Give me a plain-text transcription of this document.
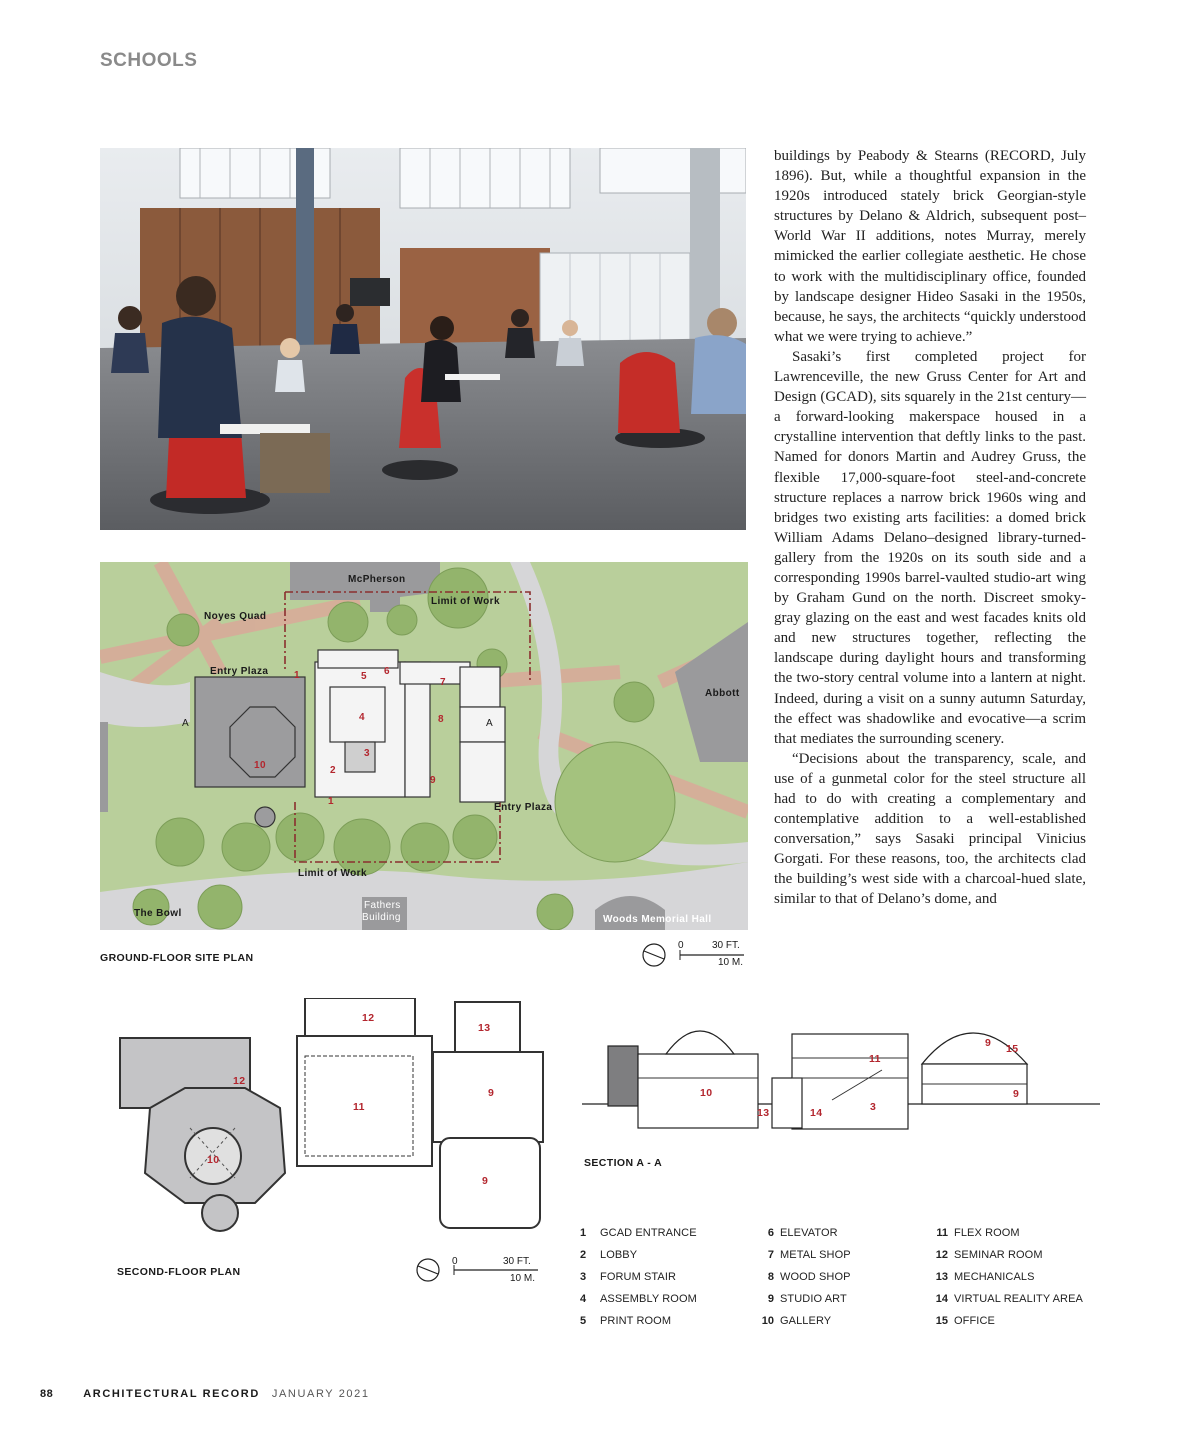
SCHOOLS

buildings by Peabody & Stearns (RECORD, July 1896). But, while a thoughtful expansion in the 1920s introduced stately brick Georgian-style structures by Delano & Aldrich, subsequent post–World War II additions, notes Murray, merely mimicked the earlier collegiate aesthetic. He chose to work with the multidisciplinary office, founded by landscape designer Hideo Sasaki in the 1950s, because, he says, the architects “quickly understood what we were trying to achieve.”

Sasaki’s first completed project for Lawrenceville, the new Gruss Center for Art and Design (GCAD), sits squarely in the 21st century—a forward-looking makerspace housed in a crystalline intervention that deftly links to the past. Named for donors Martin and Audrey Gruss, the flexible 17,000-square-foot steel-and-concrete structure replaces a narrow brick 1960s wing and bridges two existing arts facilities: a domed brick William Adams Delano–designed library-turned-gallery from the 1920s on its south side and a corresponding 1990s barrel-vaulted studio-art wing by Graham Gund on the north. Discreet smoky-gray glazing on the east and west facades knits old and new structures together, reflecting the landscape during daylight hours and transforming the two-story central volume into a lantern at night. Indeed, during a visit on a sunny autumn Saturday, the effect was shadowlike and evocative—a scrim that mediates the surrounding scenery.

“Decisions about the transparency, scale, and use of a gunmetal color for the steel structure all had to do with creating a complementary and contemplative addition to a well-established conversation,” says Sasaki principal Vinicius Gorgati. For these reasons, too, the architects clad the building’s west side with a charcoal-hued slate, similar to that of Delano’s dome, and

McPherson
Noyes Quad
Limit of Work
Entry Plaza
Abbott
Entry Plaza
Limit of Work
The Bowl
Fathers
Building	Woods Memorial Hall
A	A
1
1
2
3
4
5 6
7
8
9
10
GROUND-FLOOR SITE PLAN
0	30 FT.
10 M.
12
12
13
11
9
9
10
SECOND-FLOOR PLAN
0	30 FT.
10 M.
10
11
13	14	3
9 15
9
SECTION A - A
1 GCAD ENTRANCE
2 LOBBY
3 FORUM STAIR
4 ASSEMBLY ROOM
5 PRINT ROOM
6 ELEVATOR
7 METAL SHOP
8 WOOD SHOP
9 STUDIO ART
10 GALLERY
11 FLEX ROOM
12 SEMINAR ROOM
13 MECHANICALS
14 VIRTUAL REALITY AREA
15 OFFICE
88	ARCHITECTURAL RECORD JANUARY 2021
